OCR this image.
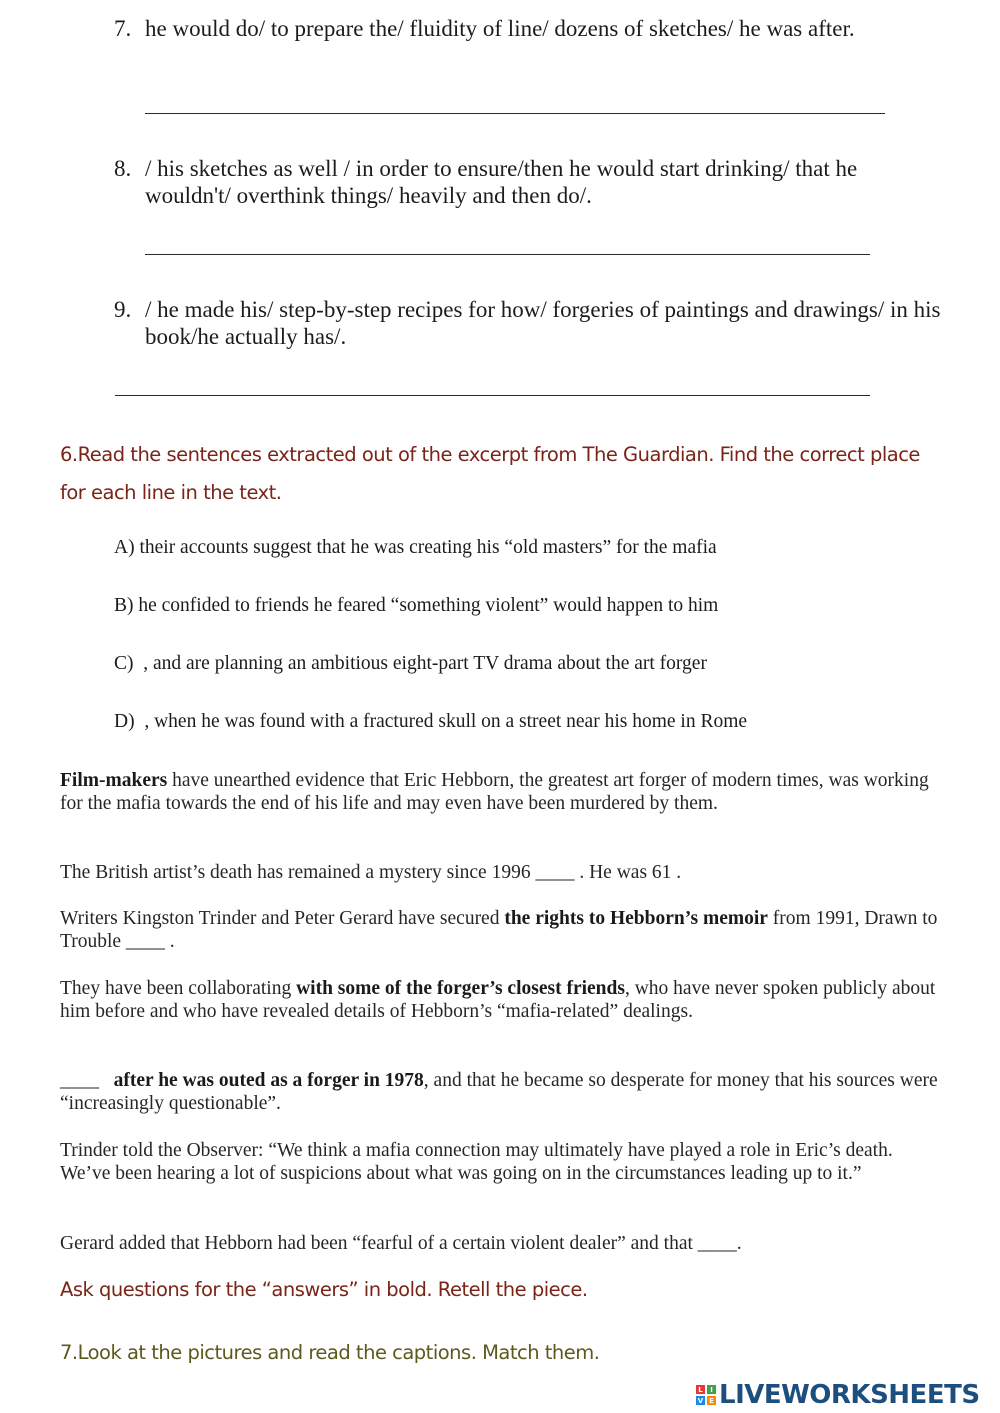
7. he would do/ to prepare the/ fluidity of line/ dozens of sketches/ he was after.
8. / his sketches as well / in order to ensure/then he would start drinking/ that he wouldn't/ overthink things/ heavily and then do/.
9. / he made his/ step-by-step recipes for how/ forgeries of paintings and drawings/ in his book/he actually has/.
6.Read the sentences extracted out of the excerpt from The Guardian. Find the correct place for each line in the text.
A) their accounts suggest that he was creating his “old masters” for the mafia
B) he confided to friends he feared “something violent” would happen to him
C)  , and are planning an ambitious eight-part TV drama about the art forger
D)  , when he was found with a fractured skull on a street near his home in Rome
Film-makers have unearthed evidence that Eric Hebborn, the greatest art forger of modern times, was working for the mafia towards the end of his life and may even have been murdered by them.
The British artist’s death has remained a mystery since 1996 ____ . He was 61 .
Writers Kingston Trinder and Peter Gerard have secured the rights to Hebborn’s memoir from 1991, Drawn to Trouble ____ .
They have been collaborating with some of the forger’s closest friends, who have never spoken publicly about him before and who have revealed details of Hebborn’s “mafia-related” dealings.
____ after he was outed as a forger in 1978, and that he became so desperate for money that his sources were “increasingly questionable”.
Trinder told the Observer: “We think a mafia connection may ultimately have played a role in Eric’s death. We’ve been hearing a lot of suspicions about what was going on in the circumstances leading up to it.”
Gerard added that Hebborn had been “fearful of a certain violent dealer” and that ____.
Ask questions for the “answers” in bold. Retell the piece.
7.Look at the pictures and read the captions. Match them.
L	I
V E LIVEWORKSHEETS
